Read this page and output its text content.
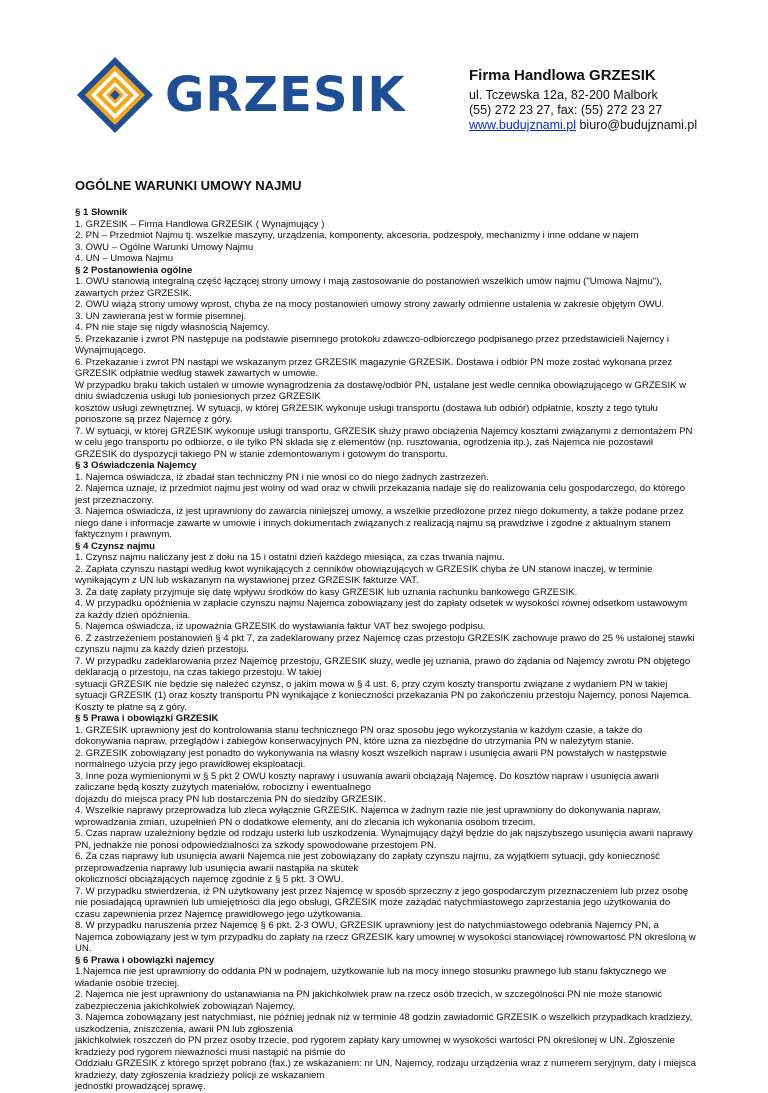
GRZESIK	Firma Handlowa GRZESIK
ul. Tczewska 12a, 82-200 Malbork
(55) 272 23 27, fax: (55) 272 23 27
www.budujznami.pl biuro@budujznami.pl
OGÓLNE WARUNKI UMOWY NAJMU
§ 1 Słownik
1. GRZESIK – Firma Handlowa GRZESIK ( Wynajmujący )
2. PN – Przedmiot Najmu tj. wszelkie maszyny, urządzenia, komponenty, akcesoria, podzespoły, mechanizmy i inne oddane w najem
3. OWU – Ogólne Warunki Umowy Najmu
4. UN – Umowa Najmu
§ 2 Postanowienia ogólne
1. OWU stanowią integralną część łączącej strony umowy i mają zastosowanie do postanowień wszelkich umów najmu ("Umowa Najmu"), zawartych przez GRZESIK.
2. OWU wiążą strony umowy wprost, chyba że na mocy postanowień umowy strony zawarły odmienne ustalenia w zakresie objętym OWU.
3. UN zawierana jest w formie pisemnej.
4. PN nie staje się nigdy własnością Najemcy.
5. Przekazanie i zwrot PN następuje na podstawie pisemnego protokołu zdawczo-odbiorczego podpisanego przez przedstawicieli Najemcy i Wynajmującego.
6. Przekazanie i zwrot PN nastąpi we wskazanym przez GRZESIK magazynie GRZESIK. Dostawa i odbiór PN może zostać wykonana przez GRZESIK odpłatnie według stawek zawartych w umowie.
W przypadku braku takich ustaleń w umowie wynagrodzenia za dostawę/odbiór PN, ustalane jest wedle cennika obowiązującego w GRZESIK w dniu świadczenia usługi lub poniesionych przez GRZESIK
kosztów usługi zewnętrznej. W sytuacji, w której GRZESIK wykonuje usługi transportu (dostawa lub odbiór) odpłatnie, koszty z tego tytułu ponoszone są przez Najemcę z góry.
7. W sytuacji, w której GRZESIK wykonuje usługi transportu, GRZESIK służy prawo obciążenia Najemcy kosztami związanymi z demontażem PN w celu jego transportu po odbiorze, o ile tylko PN składa się z elementów (np. rusztowania, ogrodzenia itp.), zaś Najemca nie pozostawił GRZESIK do dyspozycji takiego PN w stanie zdemontowanym i gotowym do transportu.
§ 3 Oświadczenia Najemcy
1. Najemca oświadcza, iż zbadał stan techniczny PN i nie wnosi co do niego żadnych zastrzeżeń.
2. Najemca uznaje, iż przedmiot najmu jest wolny od wad oraz w chwili przekazania nadaje się do realizowania celu gospodarczego, do którego jest przeznaczony.
3. Najemca oświadcza, iż jest uprawniony do zawarcia niniejszej umowy, a wszelkie przedłożone przez niego dokumenty, a także podane przez niego dane i informacje zawarte w umowie i innych dokumentach związanych z realizacją najmu są prawdziwe i zgodne z aktualnym stanem faktycznym i prawnym.
§ 4 Czynsz najmu
1. Czynsz najmu naliczany jest z dołu na 15 i ostatni dzień każdego miesiąca, za czas trwania najmu.
2. Zapłata czynszu nastąpi według kwot wynikających z cenników obowiązujących w GRZESIK chyba że UN stanowi inaczej, w terminie wynikającym z UN lub wskazanym na wystawionej przez GRZESIK fakturze VAT.
3. Za datę zapłaty przyjmuje się datę wpływu środków do kasy GRZESIK lub uznania rachunku bankowego GRZESIK.
4. W przypadku opóźnienia w zapłacie czynszu najmu Najemca zobowiązany jest do zapłaty odsetek w wysokości równej odsetkom ustawowym za każdy dzień opóźnienia.
5. Najemca oświadcza, iż upoważnia GRZESIK do wystawiania faktur VAT bez swojego podpisu.
6. Z zastrzeżeniem postanowień § 4 pkt 7, za zadeklarowany przez Najemcę czas przestoju GRZESIK zachowuje prawo do 25 % ustalonej stawki czynszu najmu za każdy dzień przestoju.
7. W przypadku zadeklarowania przez Najemcę przestoju, GRZESIK służy, wedle jej uznania, prawo do żądania od Najemcy zwrotu PN objętego deklaracją o przestoju, na czas takiego przestoju. W takiej
sytuacji GRZESIK nie będzie się należeć czynsz, o jakim mowa w § 4 ust. 6, przy czym koszty transportu związane z wydaniem PN w takiej sytuacji GRZESIK (1) oraz koszty transportu PN wynikające z konieczności przekazania PN po zakończeniu przestoju Najemcy, ponosi Najemca. Koszty te płatne są z góry.
§ 5 Prawa i obowiązki GRZESIK
1. GRZESIK uprawniony jest do kontrolowania stanu technicznego PN oraz sposobu jego wykorzystania w każdym czasie, a także do dokonywania napraw, przeglądów i zabiegów konserwacyjnych PN, które uzna za niezbędne do utrzymania PN w należytym stanie.
2. GRZESIK zobowiązany jest ponadto do wykonywania na własny koszt wszelkich napraw i usunięcia awarii PN powstałych w następstwie normalnego użycia przy jego prawidłowej eksploatacji.
3. Inne poza wymienionymi w § 5 pkt 2 OWU koszty naprawy i usuwania awarii obciążają Najemcę. Do kosztów napraw i usunięcia awarii zaliczane będą koszty zużytych materiałów, robocizny i ewentualnego
dojazdu do miejsca pracy PN lub dostarczenia PN do siedziby GRZESIK.
4. Wszelkie naprawy przeprowadza lub zleca wyłącznie GRZESIK. Najemca w żadnym razie nie jest uprawniony do dokonywania napraw, wprowadzania zmian, uzupełnień PN o dodatkowe elementy, ani do zlecania ich wykonania osobom trzecim.
5. Czas napraw uzależniony będzie od rodzaju usterki lub uszkodzenia. Wynajmujący dążył będzie do jak najszybszego usunięcia awarii naprawy PN, jednakże nie ponosi odpowiedzialności za szkody spowodowane przestojem PN.
6. Za czas naprawy lub usunięcia awarii Najemca nie jest zobowiązany do zapłaty czynszu najmu, za wyjątkiem sytuacji, gdy konieczność przeprowadzenia naprawy lub usunięcia awarii nastąpiła na skutek
okoliczności obciążających najemcę zgodnie z § 5 pkt. 3 OWU.
7. W przypadku stwierdzenia, iż PN użytkowany jest przez Najemcę w sposób sprzeczny z jego gospodarczym przeznaczeniem lub przez osobę nie posiadającą uprawnień lub umiejętności dla jego obsługi, GRZESIK może zażądać natychmiastowego zaprzestania jego użytkowania do czasu zapewnienia przez Najemcę prawidłowego jego użytkowania.
8. W przypadku naruszenia przez Najemcę § 6 pkt. 2-3 OWU, GRZESIK uprawniony jest do natychmiastowego odebrania Najemcy PN, a Najemca zobowiązany jest w tym przypadku do zapłaty na rzecz GRZESIK kary umownej w wysokości stanowiącej równowartość PN określoną w UN.
§ 6 Prawa i obowiązki najemcy
1.Najemca nie jest uprawniony do oddania PN w podnajem, użytkowanie lub na mocy innego stosunku prawnego lub stanu faktycznego we władanie osobie trzeciej.
2. Najemca nie jest uprawniony do ustanawiania na PN jakichkolwiek praw na rzecz osób trzecich, w szczególności PN nie może stanowić zabezpieczenia jakichkolwiek zobowiązań Najemcy.
3. Najemca zobowiązany jest natychmiast, nie później jednak niż w terminie 48 godzin zawiadomić GRZESIK o wszelkich przypadkach kradzieży, uszkodzenia, zniszczenia, awarii PN lub zgłoszenia
jakichkolwiek roszczeń do PN przez osoby trzecie, pod rygorem zapłaty kary umownej w wysokości wartości PN określonej w UN. Zgłoszenie kradzieży pod rygorem nieważności musi nastąpić na piśmie do
Oddziału GRZESIK z którego sprzęt pobrano (fax.) ze wskazaniem: nr UN, Najemcy, rodzaju urządzenia wraz z numerem seryjnym, daty i miejsca kradzieży, daty zgłoszenia kradzieży policji ze wskazaniem
jednostki prowadzącej sprawę.
